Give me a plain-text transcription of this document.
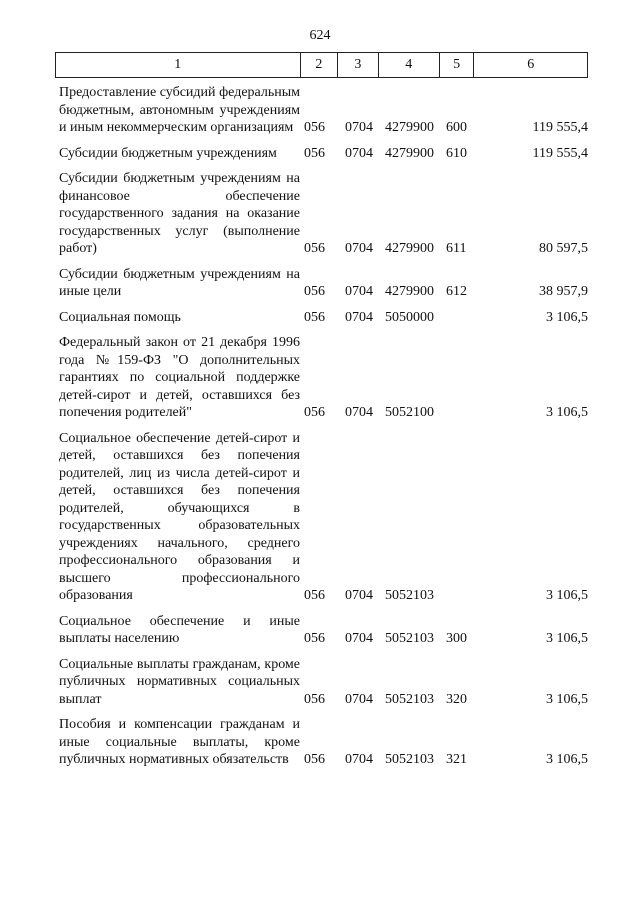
624
1	2	3	4	5	6
Предоставление субсидий федеральным бюджетным, автономным учреждениям и иным некоммерческим организациям 056	0704 4279900 600	119 555,4
Субсидии бюджетным учреждениям	056	0704 4279900 610	119 555,4
Субсидии бюджетным учреждениям на финансовое обеспечение государственного задания на оказание государственных услуг (выполнение работ)	056	0704 4279900 611	80 597,5
Субсидии бюджетным учреждениям на иные цели	056	0704 4279900 612	38 957,9
Социальная помощь	056	0704 5050000	3 106,5
Федеральный закон от 21 декабря 1996 года №159-ФЗ "О дополнительных гарантиях по социальной поддержке детей-сирот и детей, оставшихся без попечения родителей"	056	0704 5052100	3 106,5
Социальное обеспечение детей-сирот и детей, оставшихся без попечения родителей, лиц из числа детей-сирот и детей, оставшихся без попечения родителей, обучающихся в государственных образовательных учреждениях начального, среднего профессионального образования и высшего профессионального образования	056	0704 5052103	3 106,5
Социальное обеспечение и иные выплаты населению	056	0704 5052103 300	3 106,5
Социальные выплаты гражданам, кроме публичных нормативных социальных выплат	056	0704 5052103 320	3 106,5
Пособия и компенсации гражданам и иные социальные выплаты, кроме публичных нормативных обязательств	056	0704 5052103 321	3 106,5
